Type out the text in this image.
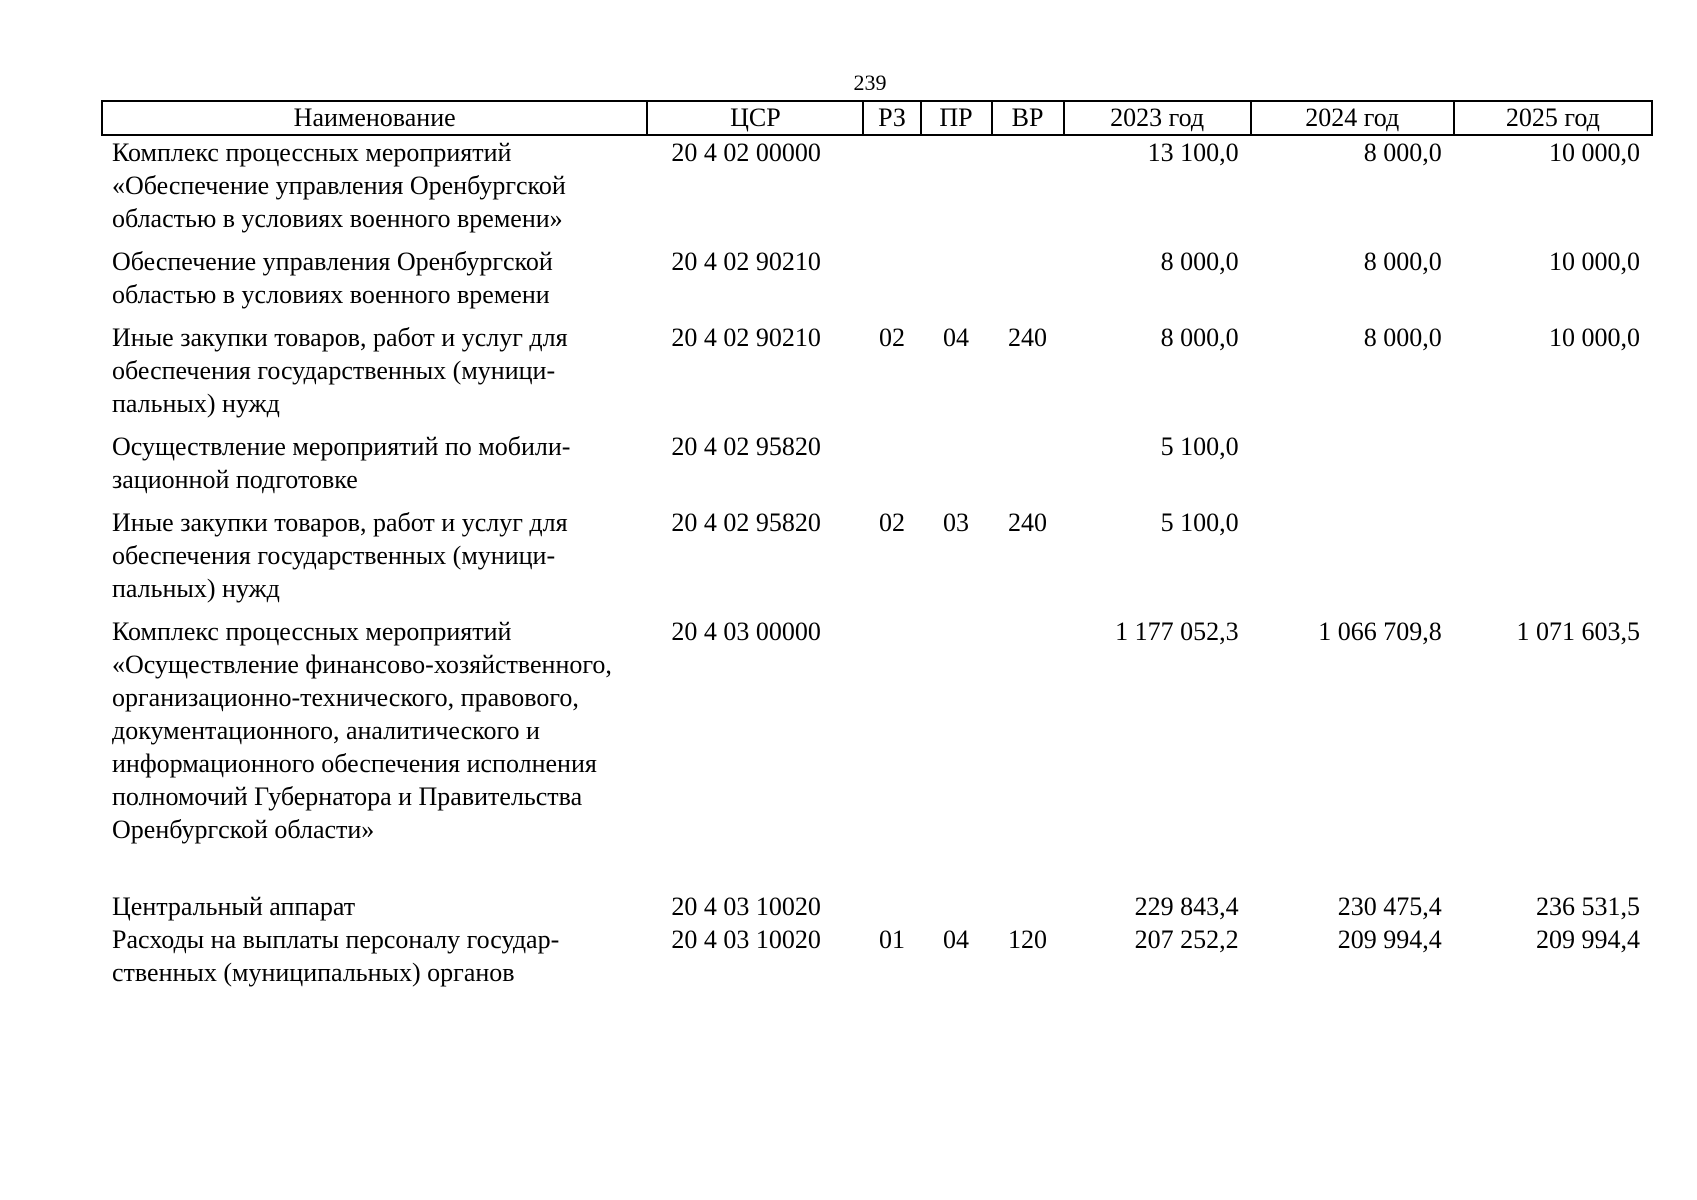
239
Наименование	ЦСР	РЗ	ПР	ВР	2023 год	2024 год	2025 год
Комплекс процессных мероприятий «Обеспечение управления Оренбургской областью в условиях военного времени»	20 4 02 00000				13 100,0	8 000,0	10 000,0
Обеспечение управления Оренбургской областью в условиях военного времени	20 4 02 90210				8 000,0	8 000,0	10 000,0
Иные закупки товаров, работ и услуг для обеспечения государственных (муниципальных) нужд	20 4 02 90210	02	04	240	8 000,0	8 000,0	10 000,0
Осуществление мероприятий по мобилизационной подготовке	20 4 02 95820				5 100,0		
Иные закупки товаров, работ и услуг для обеспечения государственных (муниципальных) нужд	20 4 02 95820	02	03	240	5 100,0		
Комплекс процессных мероприятий «Осуществление финансово-хозяйственного, организационно-технического, правового, документационного, аналитического и информационного обеспечения исполнения полномочий Губернатора и Правительства Оренбургской области»	20 4 03 00000				1 177 052,3	1 066 709,8	1 071 603,5
Центральный аппарат	20 4 03 10020				229 843,4	230 475,4	236 531,5
Расходы на выплаты персоналу государственных (муниципальных) органов	20 4 03 10020	01	04	120	207 252,2	209 994,4	209 994,4
